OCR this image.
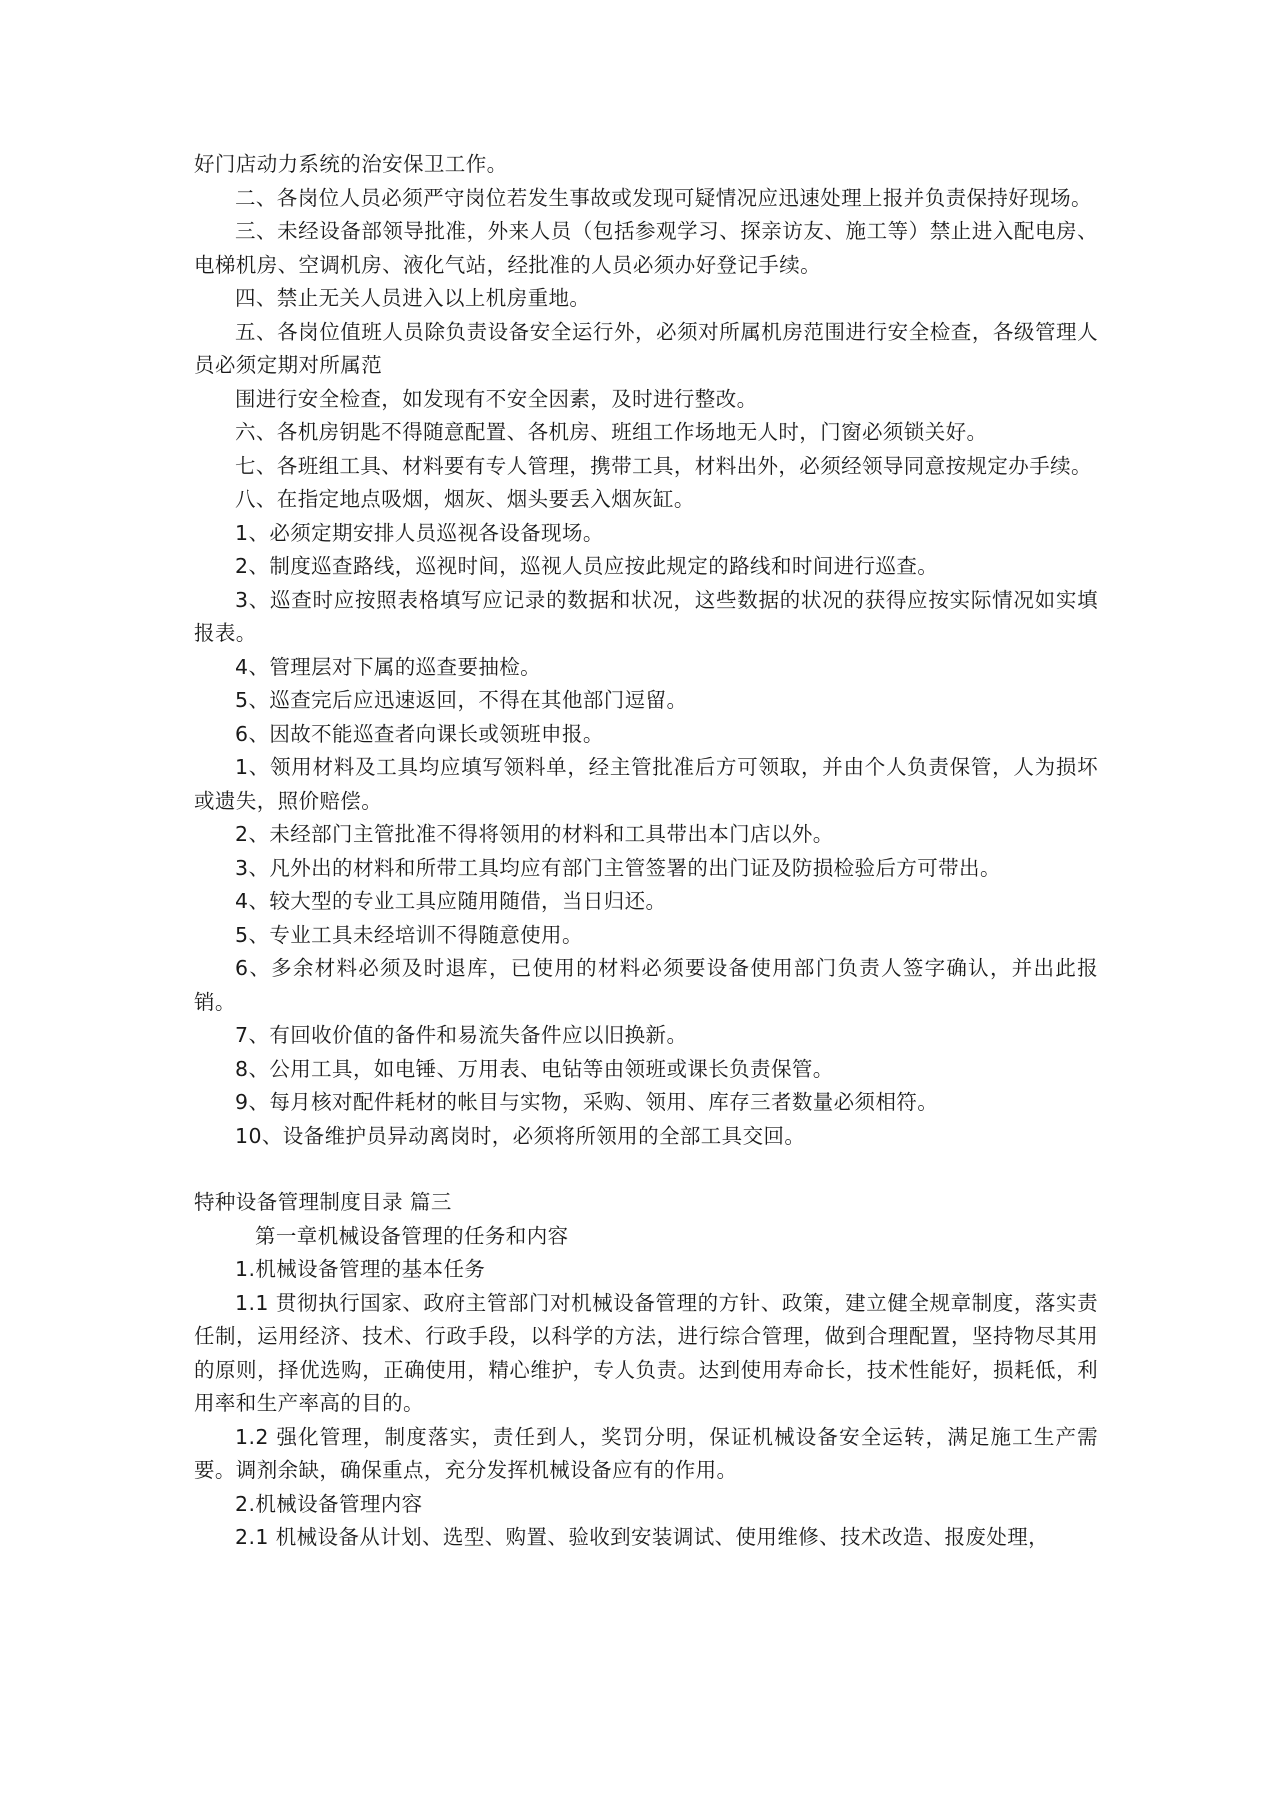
好门店动力系统的治安保卫工作。

二、各岗位人员必须严守岗位若发生事故或发现可疑情况应迅速处理上报并负责保持好现场。

三、未经设备部领导批准，外来人员（包括参观学习、探亲访友、施工等）禁止进入配电房、电梯机房、空调机房、液化气站，经批准的人员必须办好登记手续。

四、禁止无关人员进入以上机房重地。

五、各岗位值班人员除负责设备安全运行外，必须对所属机房范围进行安全检查，各级管理人员必须定期对所属范

围进行安全检查，如发现有不安全因素，及时进行整改。

六、各机房钥匙不得随意配置、各机房、班组工作场地无人时，门窗必须锁关好。

七、各班组工具、材料要有专人管理，携带工具，材料出外，必须经领导同意按规定办手续。

八、在指定地点吸烟，烟灰、烟头要丢入烟灰缸。

1、必须定期安排人员巡视各设备现场。

2、制度巡查路线，巡视时间，巡视人员应按此规定的路线和时间进行巡查。

3、巡查时应按照表格填写应记录的数据和状况，这些数据的状况的获得应按实际情况如实填报表。

4、管理层对下属的巡查要抽检。

5、巡查完后应迅速返回，不得在其他部门逗留。

6、因故不能巡查者向课长或领班申报。

1、领用材料及工具均应填写领料单，经主管批准后方可领取，并由个人负责保管，人为损坏或遗失，照价赔偿。

2、未经部门主管批准不得将领用的材料和工具带出本门店以外。

3、凡外出的材料和所带工具均应有部门主管签署的出门证及防损检验后方可带出。

4、较大型的专业工具应随用随借，当日归还。

5、专业工具未经培训不得随意使用。

6、多余材料必须及时退库，已使用的材料必须要设备使用部门负责人签字确认，并出此报销。

7、有回收价值的备件和易流失备件应以旧换新。

8、公用工具，如电锤、万用表、电钻等由领班或课长负责保管。

9、每月核对配件耗材的帐目与实物，采购、领用、库存三者数量必须相符。

10、设备维护员异动离岗时，必须将所领用的全部工具交回。

特种设备管理制度目录 篇三

第一章机械设备管理的任务和内容

1.机械设备管理的基本任务

1.1 贯彻执行国家、政府主管部门对机械设备管理的方针、政策，建立健全规章制度，落实责任制，运用经济、技术、行政手段，以科学的方法，进行综合管理，做到合理配置，坚持物尽其用的原则，择优选购，正确使用，精心维护，专人负责。达到使用寿命长，技术性能好，损耗低，利用率和生产率高的目的。

1.2 强化管理，制度落实，责任到人，奖罚分明，保证机械设备安全运转，满足施工生产需要。调剂余缺，确保重点，充分发挥机械设备应有的作用。

2.机械设备管理内容

2.1 机械设备从计划、选型、购置、验收到安装调试、使用维修、技术改造、报废处理，
